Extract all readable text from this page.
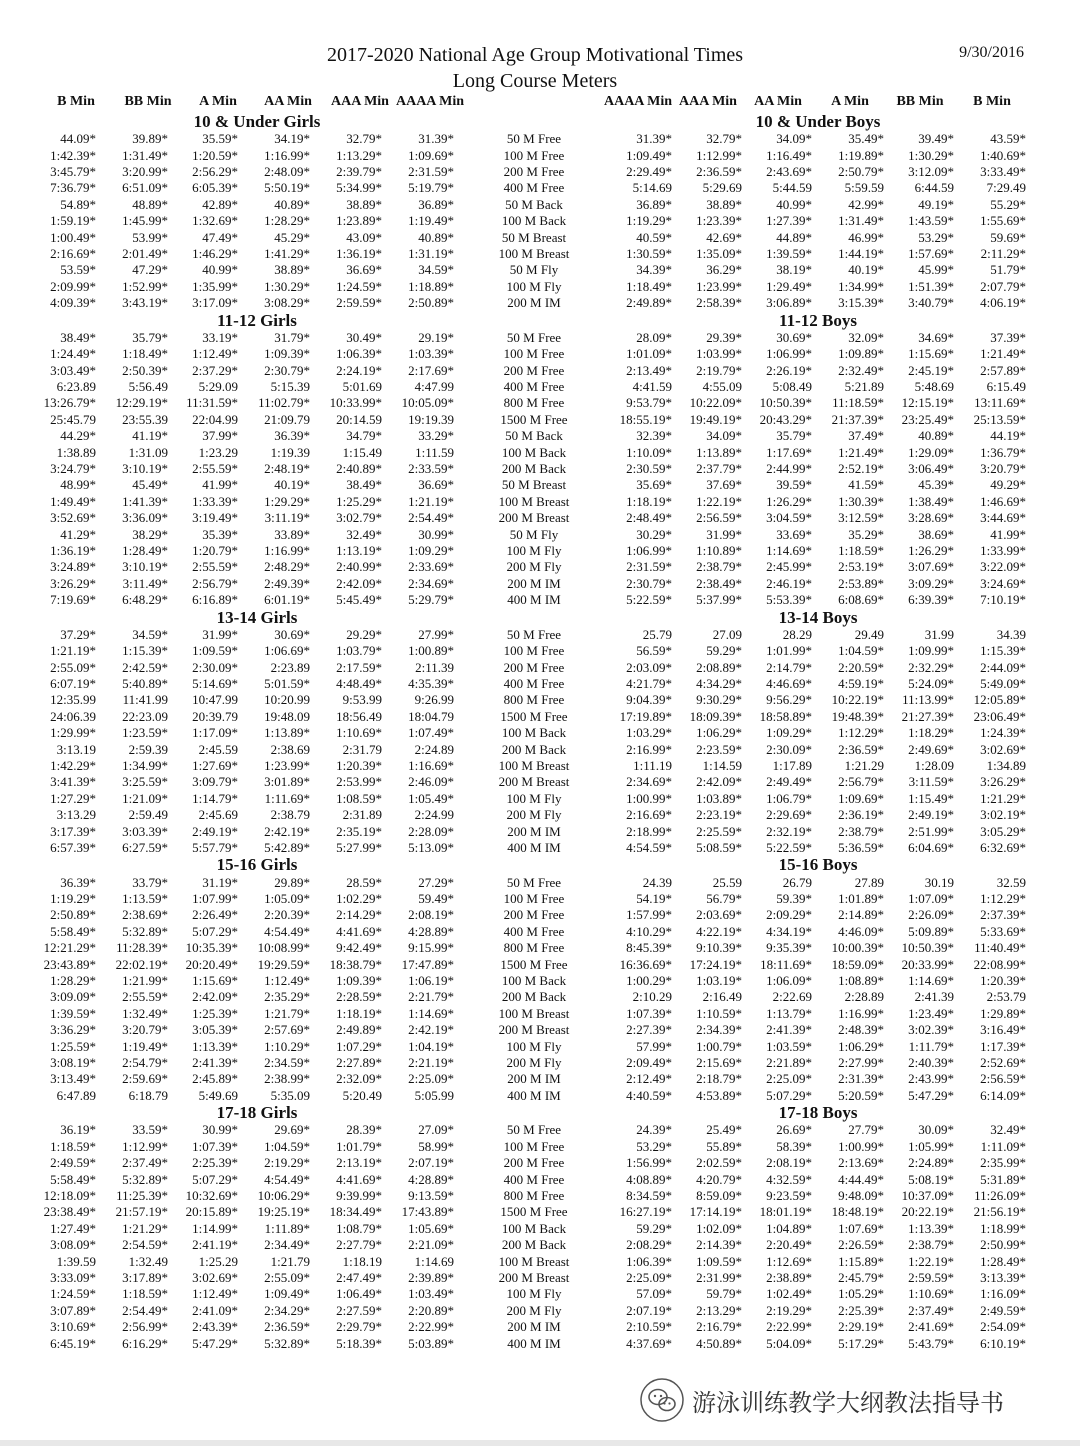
2017-2020 National Age Group Motivational Times
Long Course Meters
9/30/2016
B Min	BB Min	A Min	AA Min	AAA Min AAAA Min	AAAA Min AAA Min	AA Min	A Min	BB Min	B Min
10 & Under Girls	10 & Under Boys
44.09*	39.89*	35.59*	34.19*	32.79*	31.39*	50 M Free	31.39*	32.79*	34.09*	35.49*	39.49*	43.59*
1:42.39*	1:31.49*	1:20.59*	1:16.99*	1:13.29*	1:09.69*	100 M Free	1:09.49*	1:12.99*	1:16.49*	1:19.89*	1:30.29*	1:40.69*
3:45.79*	3:20.99*	2:56.29*	2:48.09*	2:39.79*	2:31.59*	200 M Free	2:29.49*	2:36.59*	2:43.69*	2:50.79*	3:12.09*	3:33.49*
7:36.79*	6:51.09*	6:05.39*	5:50.19*	5:34.99*	5:19.79*	400 M Free	5:14.69	5:29.69	5:44.59	5:59.59	6:44.59	7:29.49
54.89*	48.89*	42.89*	40.89*	38.89*	36.89*	50 M Back	36.89*	38.89*	40.99*	42.99*	49.19*	55.29*
1:59.19*	1:45.99*	1:32.69*	1:28.29*	1:23.89*	1:19.49*	100 M Back	1:19.29*	1:23.39*	1:27.39*	1:31.49*	1:43.59*	1:55.69*
1:00.49*	53.99*	47.49*	45.29*	43.09*	40.89*	50 M Breast	40.59*	42.69*	44.89*	46.99*	53.29*	59.69*
2:16.69*	2:01.49*	1:46.29*	1:41.29*	1:36.19*	1:31.19*	100 M Breast	1:30.59*	1:35.09*	1:39.59*	1:44.19*	1:57.69*	2:11.29*
53.59*	47.29*	40.99*	38.89*	36.69*	34.59*	50 M Fly	34.39*	36.29*	38.19*	40.19*	45.99*	51.79*
2:09.99*	1:52.99*	1:35.99*	1:30.29*	1:24.59*	1:18.89*	100 M Fly	1:18.49*	1:23.99*	1:29.49*	1:34.99*	1:51.39*	2:07.79*
4:09.39*	3:43.19*	3:17.09*	3:08.29*	2:59.59*	2:50.89*	200 M IM	2:49.89*	2:58.39*	3:06.89*	3:15.39*	3:40.79*	4:06.19*
11-12 Girls	11-12 Boys
38.49*	35.79*	33.19*	31.79*	30.49*	29.19*	50 M Free	28.09*	29.39*	30.69*	32.09*	34.69*	37.39*
1:24.49*	1:18.49*	1:12.49*	1:09.39*	1:06.39*	1:03.39*	100 M Free	1:01.09*	1:03.99*	1:06.99*	1:09.89*	1:15.69*	1:21.49*
3:03.49*	2:50.39*	2:37.29*	2:30.79*	2:24.19*	2:17.69*	200 M Free	2:13.49*	2:19.79*	2:26.19*	2:32.49*	2:45.19*	2:57.89*
6:23.89	5:56.49	5:29.09	5:15.39	5:01.69	4:47.99	400 M Free	4:41.59	4:55.09	5:08.49	5:21.89	5:48.69	6:15.49
13:26.79*	12:29.19*	11:31.59*	11:02.79*	10:33.99*	10:05.09*	800 M Free	9:53.79*	10:22.09*	10:50.39*	11:18.59*	12:15.19*	13:11.69*
25:45.79	23:55.39	22:04.99	21:09.79	20:14.59	19:19.39	1500 M Free	18:55.19*	19:49.19*	20:43.29*	21:37.39*	23:25.49*	25:13.59*
44.29*	41.19*	37.99*	36.39*	34.79*	33.29*	50 M Back	32.39*	34.09*	35.79*	37.49*	40.89*	44.19*
1:38.89	1:31.09	1:23.29	1:19.39	1:15.49	1:11.59	100 M Back	1:10.09*	1:13.89*	1:17.69*	1:21.49*	1:29.09*	1:36.79*
3:24.79*	3:10.19*	2:55.59*	2:48.19*	2:40.89*	2:33.59*	200 M Back	2:30.59*	2:37.79*	2:44.99*	2:52.19*	3:06.49*	3:20.79*
48.99*	45.49*	41.99*	40.19*	38.49*	36.69*	50 M Breast	35.69*	37.69*	39.59*	41.59*	45.39*	49.29*
1:49.49*	1:41.39*	1:33.39*	1:29.29*	1:25.29*	1:21.19*	100 M Breast	1:18.19*	1:22.19*	1:26.29*	1:30.39*	1:38.49*	1:46.69*
3:52.69*	3:36.09*	3:19.49*	3:11.19*	3:02.79*	2:54.49*	200 M Breast	2:48.49*	2:56.59*	3:04.59*	3:12.59*	3:28.69*	3:44.69*
41.29*	38.29*	35.39*	33.89*	32.49*	30.99*	50 M Fly	30.29*	31.99*	33.69*	35.29*	38.69*	41.99*
1:36.19*	1:28.49*	1:20.79*	1:16.99*	1:13.19*	1:09.29*	100 M Fly	1:06.99*	1:10.89*	1:14.69*	1:18.59*	1:26.29*	1:33.99*
3:24.89*	3:10.19*	2:55.59*	2:48.29*	2:40.99*	2:33.69*	200 M Fly	2:31.59*	2:38.79*	2:45.99*	2:53.19*	3:07.69*	3:22.09*
3:26.29*	3:11.49*	2:56.79*	2:49.39*	2:42.09*	2:34.69*	200 M IM	2:30.79*	2:38.49*	2:46.19*	2:53.89*	3:09.29*	3:24.69*
7:19.69*	6:48.29*	6:16.89*	6:01.19*	5:45.49*	5:29.79*	400 M IM	5:22.59*	5:37.99*	5:53.39*	6:08.69*	6:39.39*	7:10.19*
13-14 Girls	13-14 Boys
37.29*	34.59*	31.99*	30.69*	29.29*	27.99*	50 M Free	25.79	27.09	28.29	29.49	31.99	34.39
1:21.19*	1:15.39*	1:09.59*	1:06.69*	1:03.79*	1:00.89*	100 M Free	56.59*	59.29*	1:01.99*	1:04.59*	1:09.99*	1:15.39*
2:55.09*	2:42.59*	2:30.09*	2:23.89	2:17.59*	2:11.39	200 M Free	2:03.09*	2:08.89*	2:14.79*	2:20.59*	2:32.29*	2:44.09*
6:07.19*	5:40.89*	5:14.69*	5:01.59*	4:48.49*	4:35.39*	400 M Free	4:21.79*	4:34.29*	4:46.69*	4:59.19*	5:24.09*	5:49.09*
12:35.99	11:41.99	10:47.99	10:20.99	9:53.99	9:26.99	800 M Free	9:04.39*	9:30.29*	9:56.29*	10:22.19*	11:13.99*	12:05.89*
24:06.39	22:23.09	20:39.79	19:48.09	18:56.49	18:04.79	1500 M Free	17:19.89*	18:09.39*	18:58.89*	19:48.39*	21:27.39*	23:06.49*
1:29.99*	1:23.59*	1:17.09*	1:13.89*	1:10.69*	1:07.49*	100 M Back	1:03.29*	1:06.29*	1:09.29*	1:12.29*	1:18.29*	1:24.39*
3:13.19	2:59.39	2:45.59	2:38.69	2:31.79	2:24.89	200 M Back	2:16.99*	2:23.59*	2:30.09*	2:36.59*	2:49.69*	3:02.69*
1:42.29*	1:34.99*	1:27.69*	1:23.99*	1:20.39*	1:16.69*	100 M Breast	1:11.19	1:14.59	1:17.89	1:21.29	1:28.09	1:34.89
3:41.39*	3:25.59*	3:09.79*	3:01.89*	2:53.99*	2:46.09*	200 M Breast	2:34.69*	2:42.09*	2:49.49*	2:56.79*	3:11.59*	3:26.29*
1:27.29*	1:21.09*	1:14.79*	1:11.69*	1:08.59*	1:05.49*	100 M Fly	1:00.99*	1:03.89*	1:06.79*	1:09.69*	1:15.49*	1:21.29*
3:13.29	2:59.49	2:45.69	2:38.79	2:31.89	2:24.99	200 M Fly	2:16.69*	2:23.19*	2:29.69*	2:36.19*	2:49.19*	3:02.19*
3:17.39*	3:03.39*	2:49.19*	2:42.19*	2:35.19*	2:28.09*	200 M IM	2:18.99*	2:25.59*	2:32.19*	2:38.79*	2:51.99*	3:05.29*
6:57.39*	6:27.59*	5:57.79*	5:42.89*	5:27.99*	5:13.09*	400 M IM	4:54.59*	5:08.59*	5:22.59*	5:36.59*	6:04.69*	6:32.69*
15-16 Girls	15-16 Boys
36.39*	33.79*	31.19*	29.89*	28.59*	27.29*	50 M Free	24.39	25.59	26.79	27.89	30.19	32.59
1:19.29*	1:13.59*	1:07.99*	1:05.09*	1:02.29*	59.49*	100 M Free	54.19*	56.79*	59.39*	1:01.89*	1:07.09*	1:12.29*
2:50.89*	2:38.69*	2:26.49*	2:20.39*	2:14.29*	2:08.19*	200 M Free	1:57.99*	2:03.69*	2:09.29*	2:14.89*	2:26.09*	2:37.39*
5:58.49*	5:32.89*	5:07.29*	4:54.49*	4:41.69*	4:28.89*	400 M Free	4:10.29*	4:22.19*	4:34.19*	4:46.09*	5:09.89*	5:33.69*
12:21.29*	11:28.39*	10:35.39*	10:08.99*	9:42.49*	9:15.99*	800 M Free	8:45.39*	9:10.39*	9:35.39*	10:00.39*	10:50.39*	11:40.49*
23:43.89*	22:02.19*	20:20.49*	19:29.59*	18:38.79*	17:47.89*	1500 M Free	16:36.69*	17:24.19*	18:11.69*	18:59.09*	20:33.99*	22:08.99*
1:28.29*	1:21.99*	1:15.69*	1:12.49*	1:09.39*	1:06.19*	100 M Back	1:00.29*	1:03.19*	1:06.09*	1:08.89*	1:14.69*	1:20.39*
3:09.09*	2:55.59*	2:42.09*	2:35.29*	2:28.59*	2:21.79*	200 M Back	2:10.29	2:16.49	2:22.69	2:28.89	2:41.39	2:53.79
1:39.59*	1:32.49*	1:25.39*	1:21.79*	1:18.19*	1:14.69*	100 M Breast	1:07.39*	1:10.59*	1:13.79*	1:16.99*	1:23.49*	1:29.89*
3:36.29*	3:20.79*	3:05.39*	2:57.69*	2:49.89*	2:42.19*	200 M Breast	2:27.39*	2:34.39*	2:41.39*	2:48.39*	3:02.39*	3:16.49*
1:25.59*	1:19.49*	1:13.39*	1:10.29*	1:07.29*	1:04.19*	100 M Fly	57.99*	1:00.79*	1:03.59*	1:06.29*	1:11.79*	1:17.39*
3:08.19*	2:54.79*	2:41.39*	2:34.59*	2:27.89*	2:21.19*	200 M Fly	2:09.49*	2:15.69*	2:21.89*	2:27.99*	2:40.39*	2:52.69*
3:13.49*	2:59.69*	2:45.89*	2:38.99*	2:32.09*	2:25.09*	200 M IM	2:12.49*	2:18.79*	2:25.09*	2:31.39*	2:43.99*	2:56.59*
6:47.89	6:18.79	5:49.69	5:35.09	5:20.49	5:05.99	400 M IM	4:40.59*	4:53.89*	5:07.29*	5:20.59*	5:47.29*	6:14.09*
17-18 Girls	17-18 Boys
36.19*	33.59*	30.99*	29.69*	28.39*	27.09*	50 M Free	24.39*	25.49*	26.69*	27.79*	30.09*	32.49*
1:18.59*	1:12.99*	1:07.39*	1:04.59*	1:01.79*	58.99*	100 M Free	53.29*	55.89*	58.39*	1:00.99*	1:05.99*	1:11.09*
2:49.59*	2:37.49*	2:25.39*	2:19.29*	2:13.19*	2:07.19*	200 M Free	1:56.99*	2:02.59*	2:08.19*	2:13.69*	2:24.89*	2:35.99*
5:58.49*	5:32.89*	5:07.29*	4:54.49*	4:41.69*	4:28.89*	400 M Free	4:08.89*	4:20.79*	4:32.59*	4:44.49*	5:08.19*	5:31.89*
12:18.09*	11:25.39*	10:32.69*	10:06.29*	9:39.99*	9:13.59*	800 M Free	8:34.59*	8:59.09*	9:23.59*	9:48.09*	10:37.09*	11:26.09*
23:38.49*	21:57.19*	20:15.89*	19:25.19*	18:34.49*	17:43.89*	1500 M Free	16:27.19*	17:14.19*	18:01.19*	18:48.19*	20:22.19*	21:56.19*
1:27.49*	1:21.29*	1:14.99*	1:11.89*	1:08.79*	1:05.69*	100 M Back	59.29*	1:02.09*	1:04.89*	1:07.69*	1:13.39*	1:18.99*
3:08.09*	2:54.59*	2:41.19*	2:34.49*	2:27.79*	2:21.09*	200 M Back	2:08.29*	2:14.39*	2:20.49*	2:26.59*	2:38.79*	2:50.99*
1:39.59	1:32.49	1:25.29	1:21.79	1:18.19	1:14.69	100 M Breast	1:06.39*	1:09.59*	1:12.69*	1:15.89*	1:22.19*	1:28.49*
3:33.09*	3:17.89*	3:02.69*	2:55.09*	2:47.49*	2:39.89*	200 M Breast	2:25.09*	2:31.99*	2:38.89*	2:45.79*	2:59.59*	3:13.39*
1:24.59*	1:18.59*	1:12.49*	1:09.49*	1:06.49*	1:03.49*	100 M Fly	57.09*	59.79*	1:02.49*	1:05.29*	1:10.69*	1:16.09*
3:07.89*	2:54.49*	2:41.09*	2:34.29*	2:27.59*	2:20.89*	200 M Fly	2:07.19*	2:13.29*	2:19.29*	2:25.39*	2:37.49*	2:49.59*
3:10.69*	2:56.99*	2:43.39*	2:36.59*	2:29.79*	2:22.99*	200 M IM	2:10.59*	2:16.79*	2:22.99*	2:29.19*	2:41.69*	2:54.09*
6:45.19*	6:16.29*	5:47.29*	5:32.89*	5:18.39*	5:03.89*	400 M IM	4:37.69*	4:50.89*	5:04.09*	5:17.29*	5:43.79*	6:10.19*
游泳训练教学大纲教法指导书
